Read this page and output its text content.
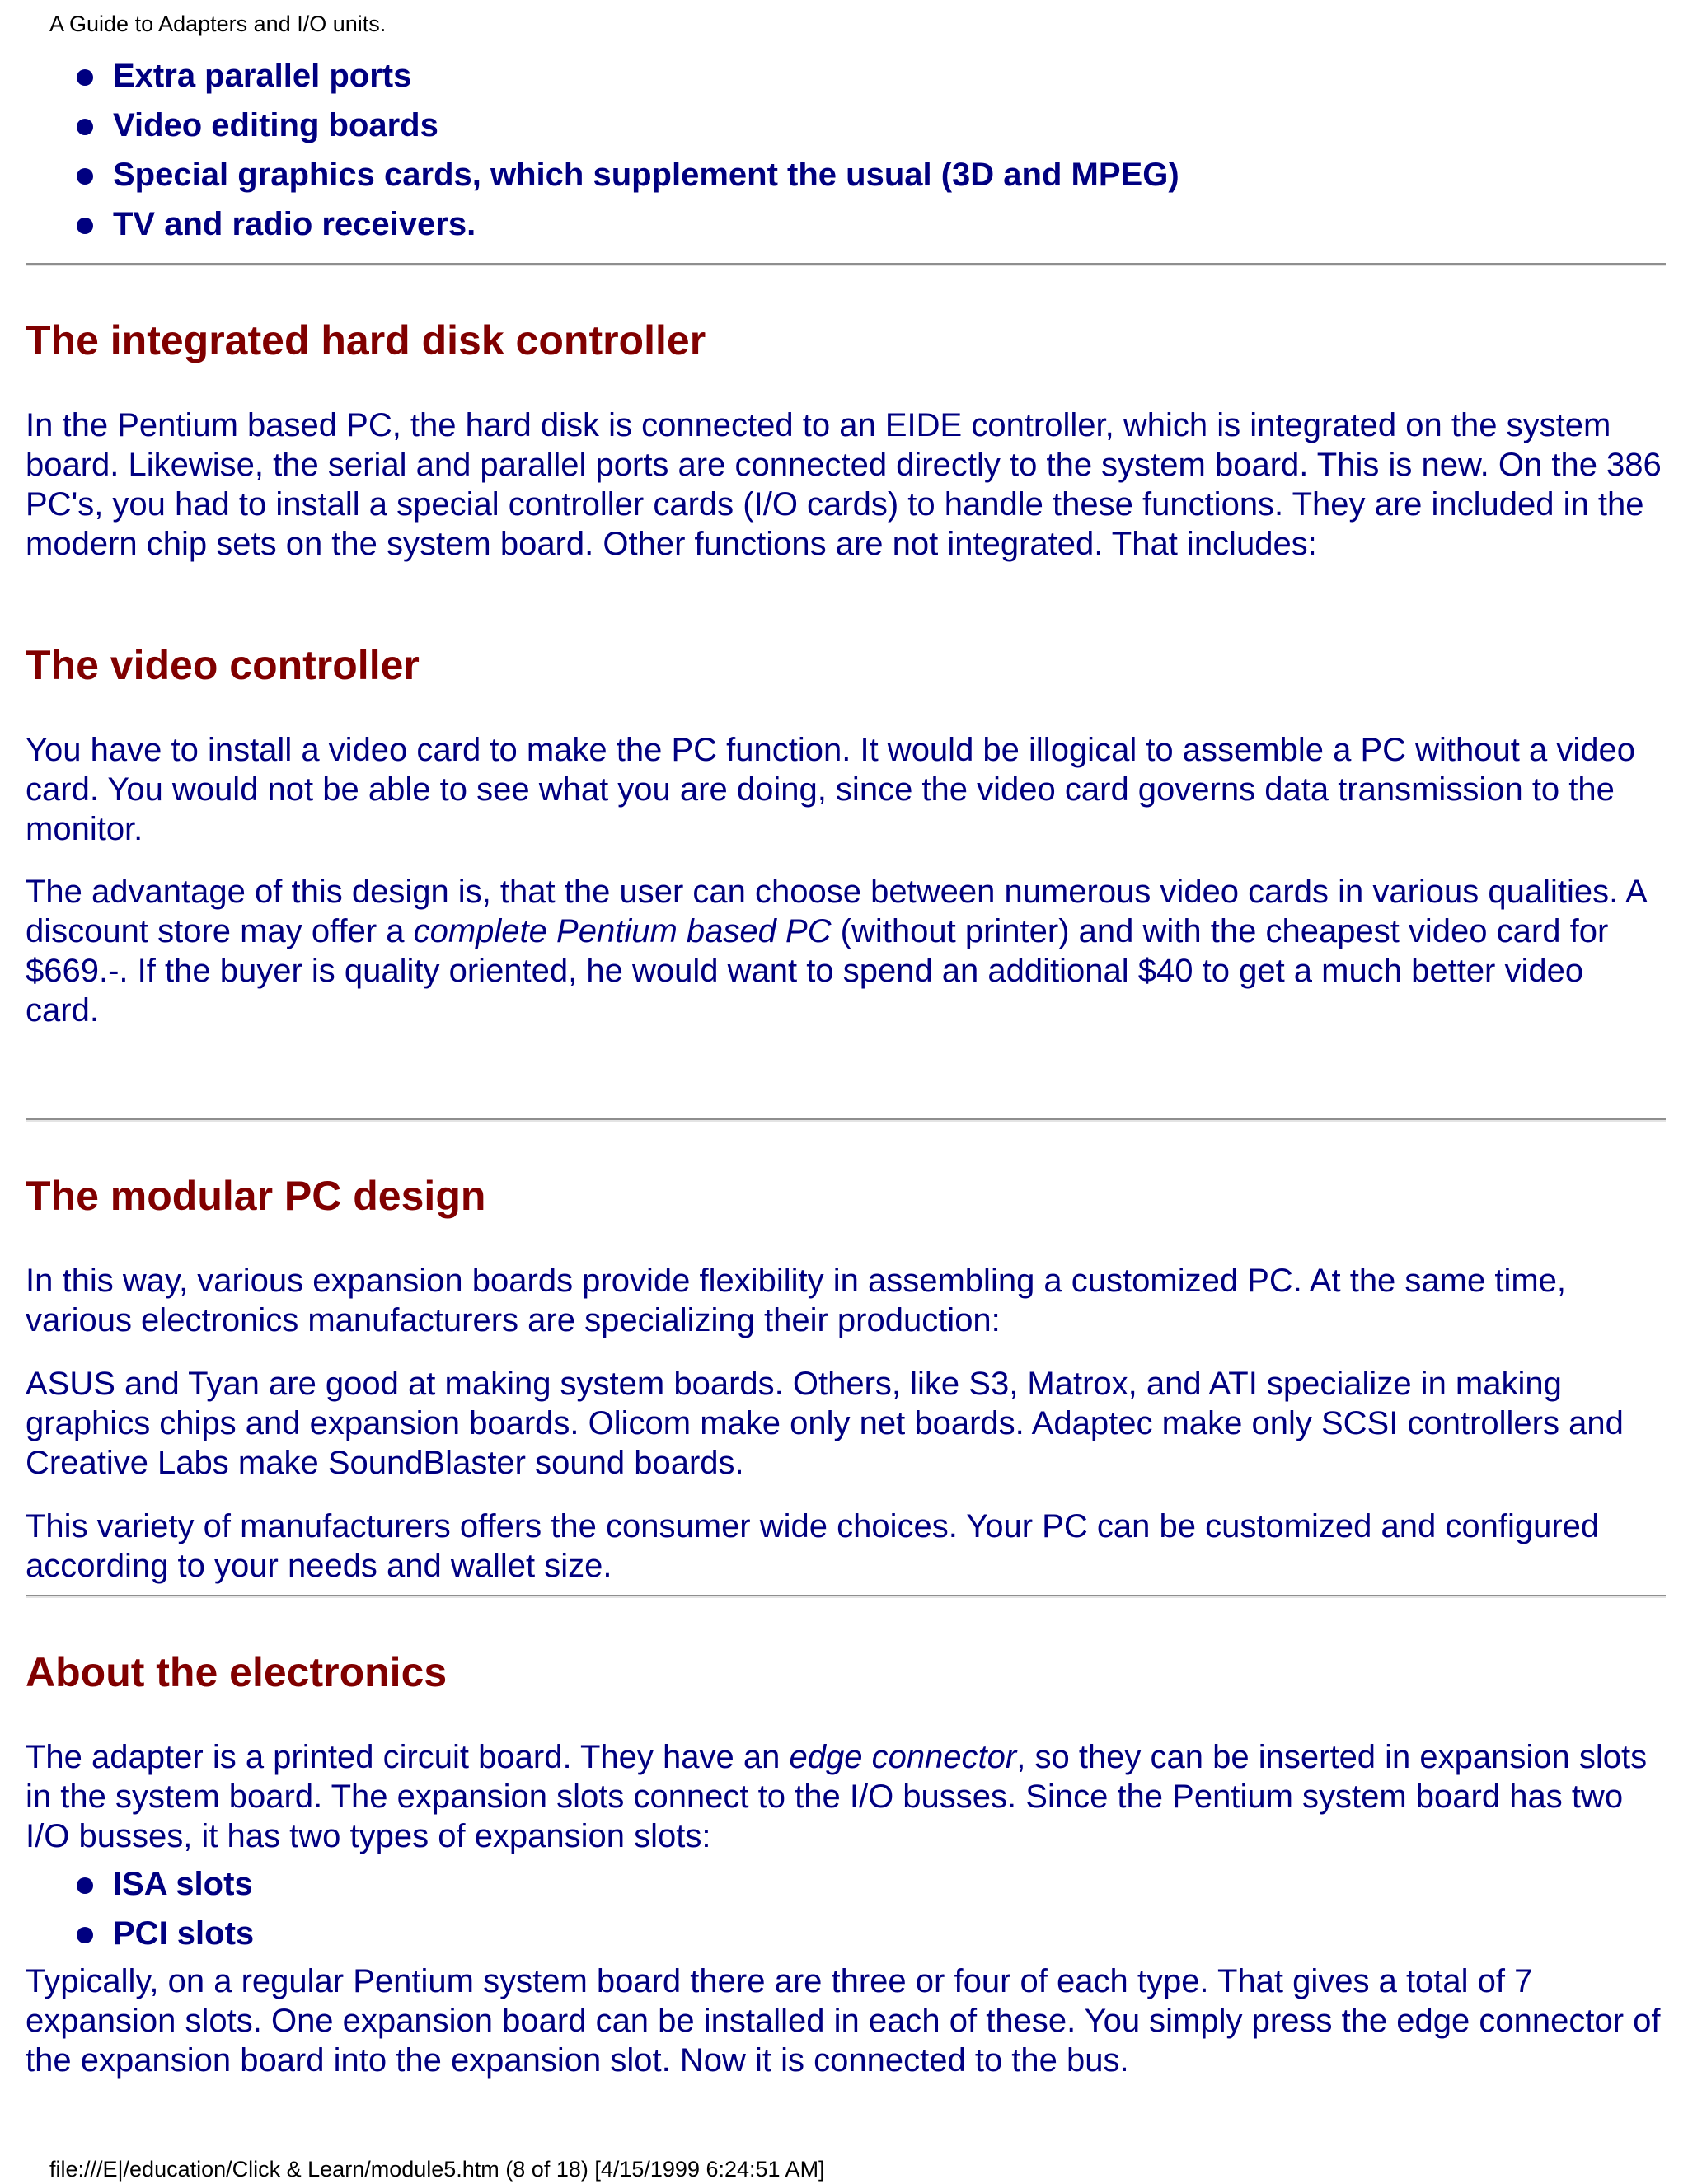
A Guide to Adapters and I/O units.
Extra parallel ports
Video editing boards
Special graphics cards, which supplement the usual (3D and MPEG)
TV and radio receivers.
The integrated hard disk controller

In the Pentium based PC, the hard disk is connected to an EIDE controller, which is integrated on the system board. Likewise, the serial and parallel ports are connected directly to the system board. This is new. On the 386 PC's, you had to install a special controller cards (I/O cards) to handle these functions. They are included in the modern chip sets on the system board. Other functions are not integrated. That includes:

The video controller

You have to install a video card to make the PC function. It would be illogical to assemble a PC without a video card. You would not be able to see what you are doing, since the video card governs data transmission to the monitor.

The advantage of this design is, that the user can choose between numerous video cards in various qualities. A discount store may offer a complete Pentium based PC (without printer) and with the cheapest video card for $669.-. If the buyer is quality oriented, he would want to spend an additional $40 to get a much better video card.

The modular PC design

In this way, various expansion boards provide flexibility in assembling a customized PC. At the same time, various electronics manufacturers are specializing their production:

ASUS and Tyan are good at making system boards. Others, like S3, Matrox, and ATI specialize in making graphics chips and expansion boards. Olicom make only net boards. Adaptec make only SCSI controllers and Creative Labs make SoundBlaster sound boards.

This variety of manufacturers offers the consumer wide choices. Your PC can be customized and configured according to your needs and wallet size.

About the electronics

The adapter is a printed circuit board. They have an edge connector, so they can be inserted in expansion slots in the system board. The expansion slots connect to the I/O busses. Since the Pentium system board has two I/O busses, it has two types of expansion slots:

ISA slots
PCI slots

Typically, on a regular Pentium system board there are three or four of each type. That gives a total of 7 expansion slots. One expansion board can be installed in each of these. You simply press the edge connector of the expansion board into the expansion slot. Now it is connected to the bus.

file:///E|/education/Click & Learn/module5.htm (8 of 18) [4/15/1999 6:24:51 AM]
